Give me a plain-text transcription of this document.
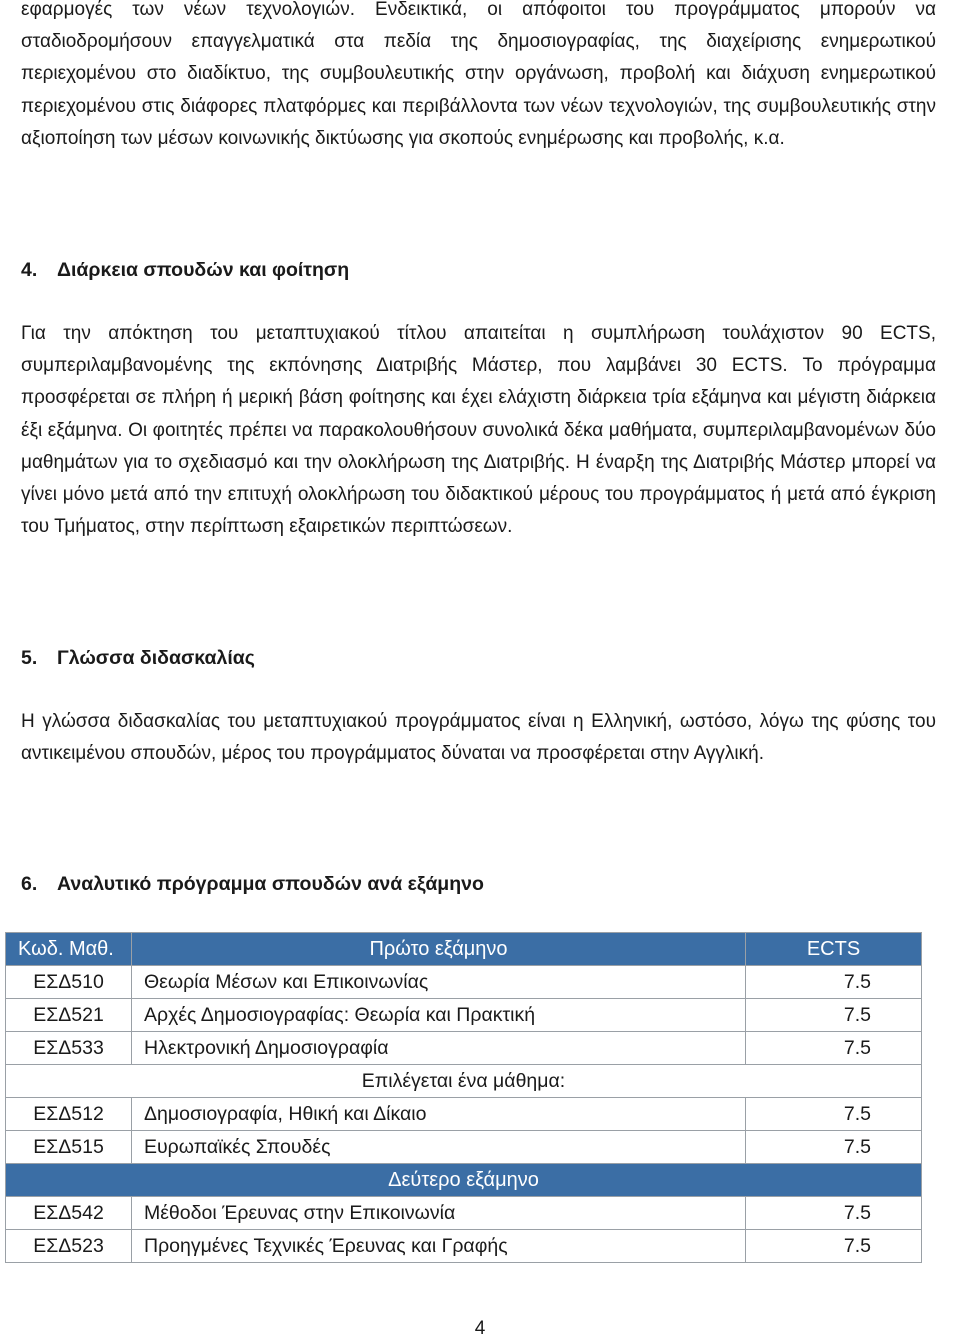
εφαρμογές των νέων τεχνολογιών. Ενδεικτικά, οι απόφοιτοι του προγράμματος μπορούν να σταδιοδρομήσουν επαγγελματικά στα πεδία της δημοσιογραφίας, της διαχείρισης ενημερωτικού περιεχομένου στο διαδίκτυο, της συμβουλευτικής στην οργάνωση, προβολή και διάχυση ενημερωτικού περιεχομένου στις διάφορες πλατφόρμες και περιβάλλοντα των νέων τεχνολογιών, της συμβουλευτικής στην αξιοποίηση των μέσων κοινωνικής δικτύωσης για σκοπούς ενημέρωσης και προβολής, κ.α.

4. Διάρκεια σπουδών και φοίτηση

Για την απόκτηση του μεταπτυχιακού τίτλου απαιτείται η συμπλήρωση τουλάχιστον 90 ECTS, συμπεριλαμβανομένης της εκπόνησης Διατριβής Μάστερ, που λαμβάνει 30 ECTS. Το πρόγραμμα προσφέρεται σε πλήρη ή μερική βάση φοίτησης και έχει ελάχιστη διάρκεια τρία εξάμηνα και μέγιστη διάρκεια έξι εξάμηνα. Οι φοιτητές πρέπει να παρακολουθήσουν συνολικά δέκα μαθήματα, συμπεριλαμβανομένων δύο μαθημάτων για το σχεδιασμό και την ολοκλήρωση της Διατριβής. Η έναρξη της Διατριβής Μάστερ μπορεί να γίνει μόνο μετά από την επιτυχή ολοκλήρωση του διδακτικού μέρους του προγράμματος ή μετά από έγκριση του Τμήματος, στην περίπτωση εξαιρετικών περιπτώσεων.

5. Γλώσσα διδασκαλίας

Η γλώσσα διδασκαλίας του μεταπτυχιακού προγράμματος είναι η Ελληνική, ωστόσο, λόγω της φύσης του αντικειμένου σπουδών, μέρος του προγράμματος δύναται να προσφέρεται στην Αγγλική.

6. Αναλυτικό πρόγραμμα σπουδών ανά εξάμηνο
Κωδ. Μαθ.	Πρώτο εξάμηνο	ECTS
ΕΣΔ510	Θεωρία Μέσων και Επικοινωνίας	7.5
ΕΣΔ521	Αρχές Δημοσιογραφίας: Θεωρία και Πρακτική	7.5
ΕΣΔ533	Ηλεκτρονική Δημοσιογραφία	7.5
Επιλέγεται ένα μάθημα:		
ΕΣΔ512	Δημοσιογραφία, Ηθική και Δίκαιο	7.5
ΕΣΔ515	Ευρωπαϊκές Σπουδές	7.5
Δεύτερο εξάμηνο		
ΕΣΔ542	Μέθοδοι Έρευνας στην Επικοινωνία	7.5
ΕΣΔ523	Προηγμένες Τεχνικές Έρευνας και Γραφής	7.5
4
